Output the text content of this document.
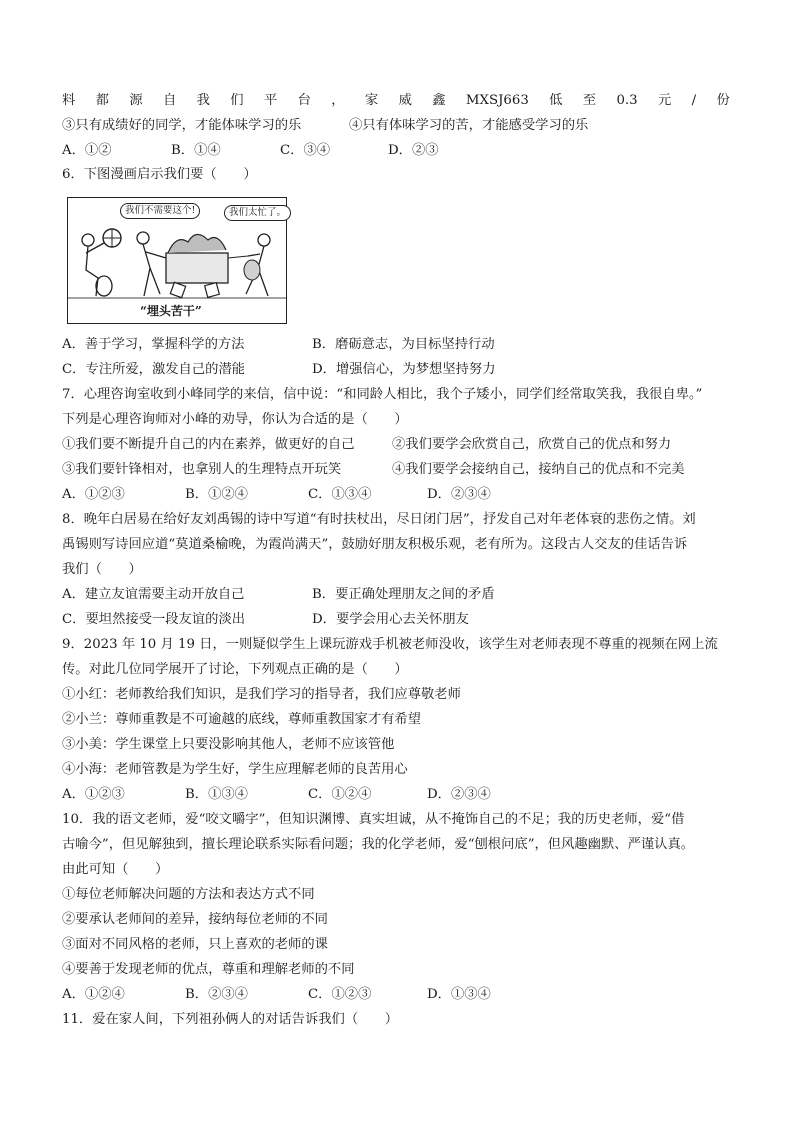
料 都 源 自 我 们 平 台 ， 家 威 鑫 MXSJ663 低 至 0.3 元 / 份
③只有成绩好的同学，才能体味学习的乐	④只有体味学习的苦，才能感受学习的乐
A．①②	B．①④	C．③④	D．②③
6．下图漫画启示我们要（　　）
我们不需要这个!	我们太忙了。
“埋头苦干”
A．善于学习，掌握科学的方法	B．磨砺意志，为目标坚持行动
C．专注所爱，激发自己的潜能	D．增强信心，为梦想坚持努力
7．心理咨询室收到小峰同学的来信，信中说：“和同龄人相比，我个子矮小，同学们经常取笑我，我很自卑。”
下列是心理咨询师对小峰的劝导，你认为合适的是（　　）
①我们要不断提升自己的内在素养，做更好的自己	②我们要学会欣赏自己，欣赏自己的优点和努力
③我们要针锋相对，也拿别人的生理特点开玩笑	④我们要学会接纳自己，接纳自己的优点和不完美
A．①②③	B．①②④	C．①③④	D．②③④
8．晚年白居易在给好友刘禹锡的诗中写道“有时扶杖出，尽日闭门居”，抒发自己对年老体衰的悲伤之情。刘
禹锡则写诗回应道“莫道桑榆晚，为霞尚满天”，鼓励好朋友积极乐观，老有所为。这段古人交友的佳话告诉
我们（　　）
A．建立友谊需要主动开放自己	B．要正确处理朋友之间的矛盾
C．要坦然接受一段友谊的淡出	D．要学会用心去关怀朋友
9．2023 年 10 月 19 日，一则疑似学生上课玩游戏手机被老师没收，该学生对老师表现不尊重的视频在网上流
传。对此几位同学展开了讨论，下列观点正确的是（　　）
①小红：老师教给我们知识，是我们学习的指导者，我们应尊敬老师
②小兰：尊师重教是不可逾越的底线，尊师重教国家才有希望
③小美：学生课堂上只要没影响其他人，老师不应该管他
④小海：老师管教是为学生好，学生应理解老师的良苦用心
A．①②③	B．①③④	C．①②④	D．②③④
10．我的语文老师，爱“咬文嚼字”，但知识渊博、真实坦诚，从不掩饰自己的不足；我的历史老师，爱“借
古喻今”，但见解独到，擅长理论联系实际看问题；我的化学老师，爱“刨根问底”，但风趣幽默、严谨认真。
由此可知（　　）
①每位老师解决问题的方法和表达方式不同
②要承认老师间的差异，接纳每位老师的不同
③面对不同风格的老师，只上喜欢的老师的课
④要善于发现老师的优点，尊重和理解老师的不同
A．①②④	B．②③④	C．①②③	D．①③④
11．爱在家人间，下列祖孙俩人的对话告诉我们（　　）
